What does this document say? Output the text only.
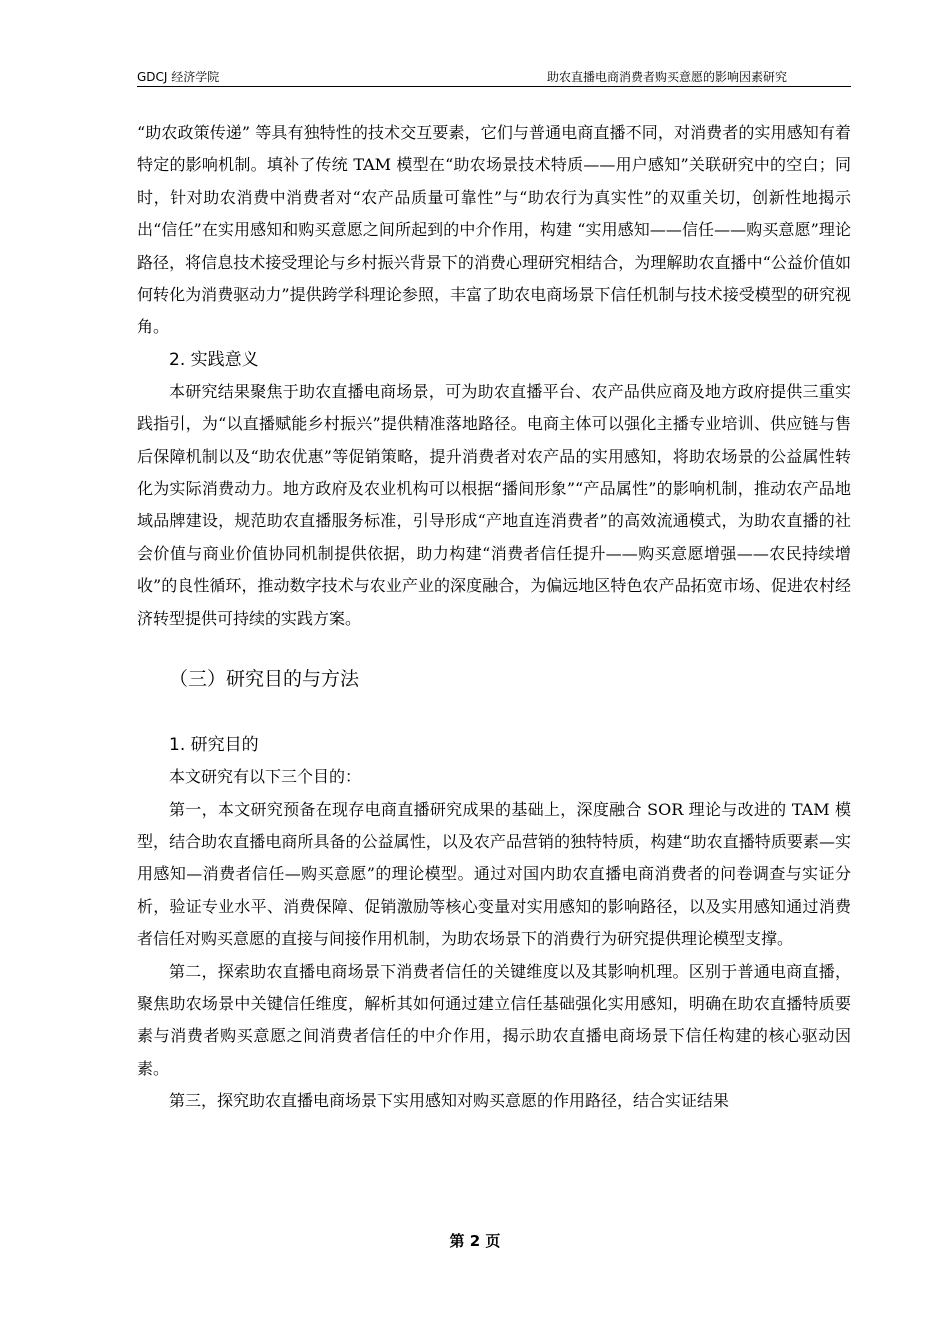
GDCJ 经济学院	助农直播电商消费者购买意愿的影响因素研究

“助农政策传递” 等具有独特性的技术交互要素，它们与普通电商直播不同，对消费者的实用感知有着特定的影响机制。填补了传统 TAM 模型在“助农场景技术特质——用户感知”关联研究中的空白；同时，针对助农消费中消费者对“农产品质量可靠性”与“助农行为真实性”的双重关切，创新性地揭示出“信任”在实用感知和购买意愿之间所起到的中介作用，构建 “实用感知——信任——购买意愿”理论路径，将信息技术接受理论与乡村振兴背景下的消费心理研究相结合，为理解助农直播中“公益价值如何转化为消费驱动力”提供跨学科理论参照，丰富了助农电商场景下信任机制与技术接受模型的研究视角。

2. 实践意义

本研究结果聚焦于助农直播电商场景，可为助农直播平台、农产品供应商及地方政府提供三重实践指引，为“以直播赋能乡村振兴”提供精准落地路径。电商主体可以强化主播专业培训、供应链与售后保障机制以及“助农优惠”等促销策略，提升消费者对农产品的实用感知，将助农场景的公益属性转化为实际消费动力。地方政府及农业机构可以根据“播间形象”“产品属性”的影响机制，推动农产品地域品牌建设，规范助农直播服务标准，引导形成“产地直连消费者”的高效流通模式，为助农直播的社会价值与商业价值协同机制提供依据，助力构建“消费者信任提升——购买意愿增强——农民持续增收”的良性循环，推动数字技术与农业产业的深度融合，为偏远地区特色农产品拓宽市场、促进农村经济转型提供可持续的实践方案。

（三）研究目的与方法
1. 研究目的

本文研究有以下三个目的：

第一，本文研究预备在现存电商直播研究成果的基础上，深度融合 SOR 理论与改进的 TAM 模型，结合助农直播电商所具备的公益属性，以及农产品营销的独特特质，构建“助农直播特质要素—实用感知—消费者信任—购买意愿”的理论模型。通过对国内助农直播电商消费者的问卷调查与实证分析，验证专业水平、消费保障、促销激励等核心变量对实用感知的影响路径，以及实用感知通过消费者信任对购买意愿的直接与间接作用机制，为助农场景下的消费行为研究提供理论模型支撑。

第二，探索助农直播电商场景下消费者信任的关键维度以及其影响机理。区别于普通电商直播，聚焦助农场景中关键信任维度，解析其如何通过建立信任基础强化实用感知，明确在助农直播特质要素与消费者购买意愿之间消费者信任的中介作用，揭示助农直播电商场景下信任构建的核心驱动因素。

第三，探究助农直播电商场景下实用感知对购买意愿的作用路径，结合实证结果

第 2 页
